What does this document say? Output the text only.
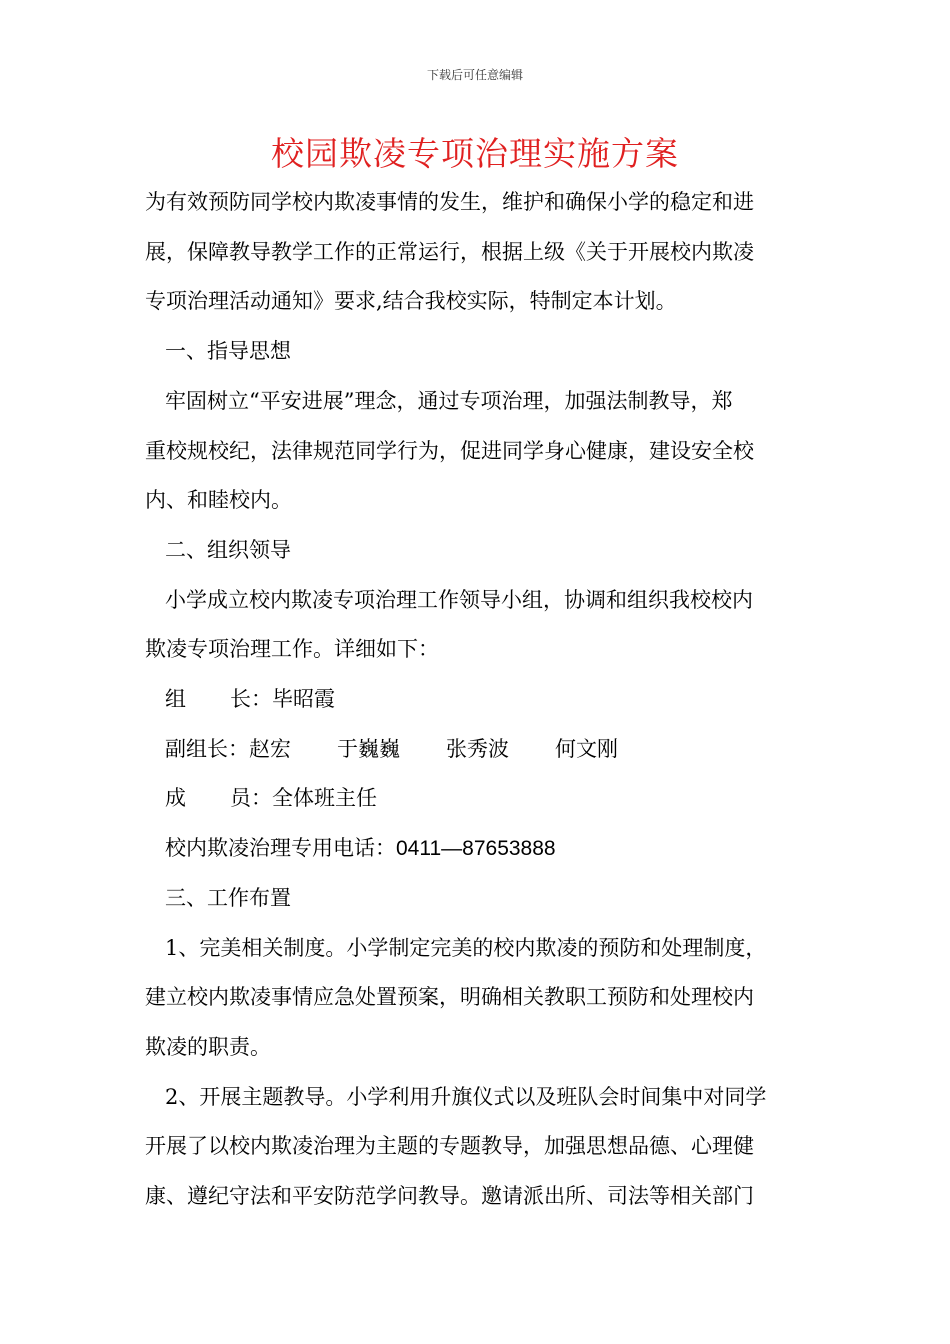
下载后可任意编辑
校园欺凌专项治理实施方案

为有效预防同学校内欺凌事情的发生，维护和确保小学的稳定和进

展，保障教导教学工作的正常运行，根据上级《关于开展校内欺凌

专项治理活动通知》要求,结合我校实际，特制定本计划。

一、指导思想

牢固树立“平安进展”理念，通过专项治理，加强法制教导，郑

重校规校纪，法律规范同学行为，促进同学身心健康，建设安全校

内、和睦校内。

二、组织领导

小学成立校内欺凌专项治理工作领导小组，协调和组织我校校内

欺凌专项治理工作。详细如下：

组 长：毕昭霞

副组长：赵宏 于巍巍 张秀波 何文刚

成 员：全体班主任

校内欺凌治理专用电话：0411—87653888

三、工作布置

1、完美相关制度。小学制定完美的校内欺凌的预防和处理制度，

建立校内欺凌事情应急处置预案，明确相关教职工预防和处理校内

欺凌的职责。

2、开展主题教导。小学利用升旗仪式以及班队会时间集中对同学

开展了以校内欺凌治理为主题的专题教导，加强思想品德、心理健

康、遵纪守法和平安防范学问教导。邀请派出所、司法等相关部门
